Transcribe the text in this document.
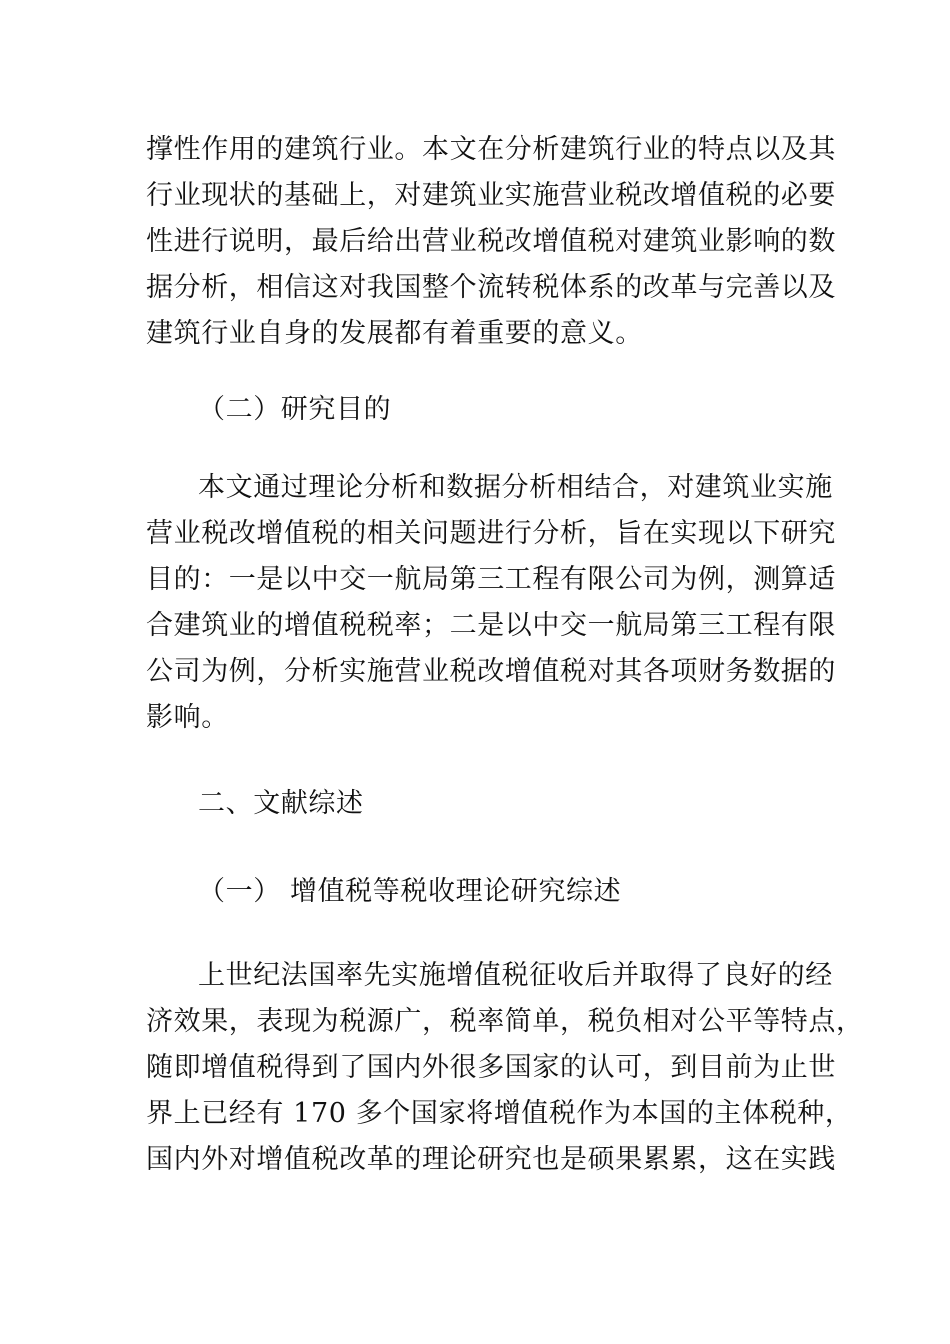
撑性作用的建筑行业。本文在分析建筑行业的特点以及其
行业现状的基础上，对建筑业实施营业税改增值税的必要
性进行说明，最后给出营业税改增值税对建筑业影响的数
据分析，相信这对我国整个流转税体系的改革与完善以及
建筑行业自身的发展都有着重要的意义。
（二）研究目的
本文通过理论分析和数据分析相结合，对建筑业实施
营业税改增值税的相关问题进行分析，旨在实现以下研究
目的：一是以中交一航局第三工程有限公司为例，测算适
合建筑业的增值税税率；二是以中交一航局第三工程有限
公司为例，分析实施营业税改增值税对其各项财务数据的
影响。
二、文献综述
（一） 增值税等税收理论研究综述
上世纪法国率先实施增值税征收后并取得了良好的经
济效果，表现为税源广，税率简单，税负相对公平等特点，
随即增值税得到了国内外很多国家的认可，到目前为止世
界上已经有 170 多个国家将增值税作为本国的主体税种，
国内外对增值税改革的理论研究也是硕果累累，这在实践
